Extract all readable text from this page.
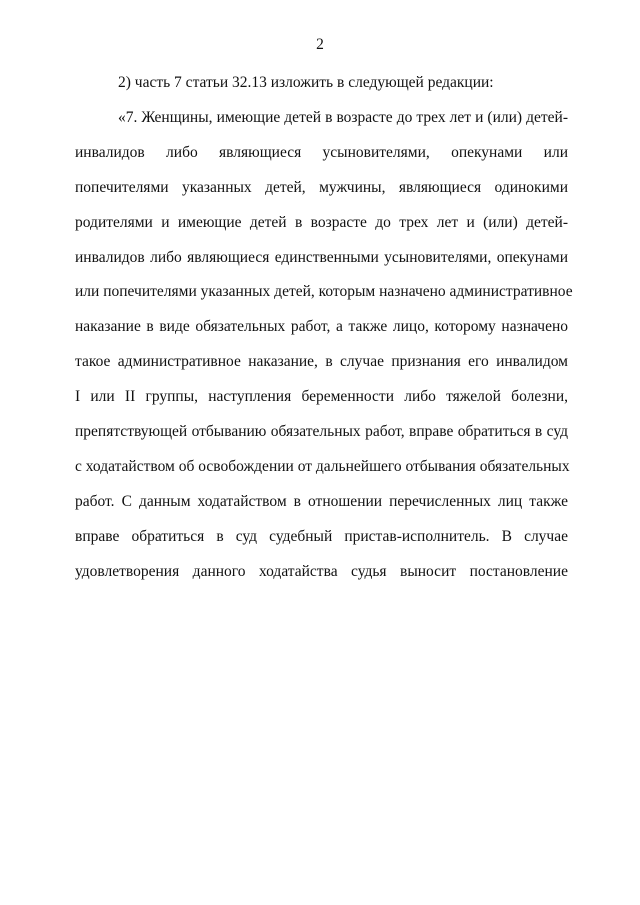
2
2) часть 7 статьи 32.13 изложить в следующей редакции:
«7. Женщины, имеющие детей в возрасте до трех лет и (или) детей-
инвалидов либо являющиеся усыновителями, опекунами или
попечителями указанных детей, мужчины, являющиеся одинокими
родителями и имеющие детей в возрасте до трех лет и (или) детей-
инвалидов либо являющиеся единственными усыновителями, опекунами
или попечителями указанных детей, которым назначено административное
наказание в виде обязательных работ, а также лицо, которому назначено
такое административное наказание, в случае признания его инвалидом
I или II группы, наступления беременности либо тяжелой болезни,
препятствующей отбыванию обязательных работ, вправе обратиться в суд
с ходатайством об освобождении от дальнейшего отбывания обязательных
работ. С данным ходатайством в отношении перечисленных лиц также
вправе обратиться в суд судебный пристав-исполнитель. В случае
удовлетворения данного ходатайства судья выносит постановление
